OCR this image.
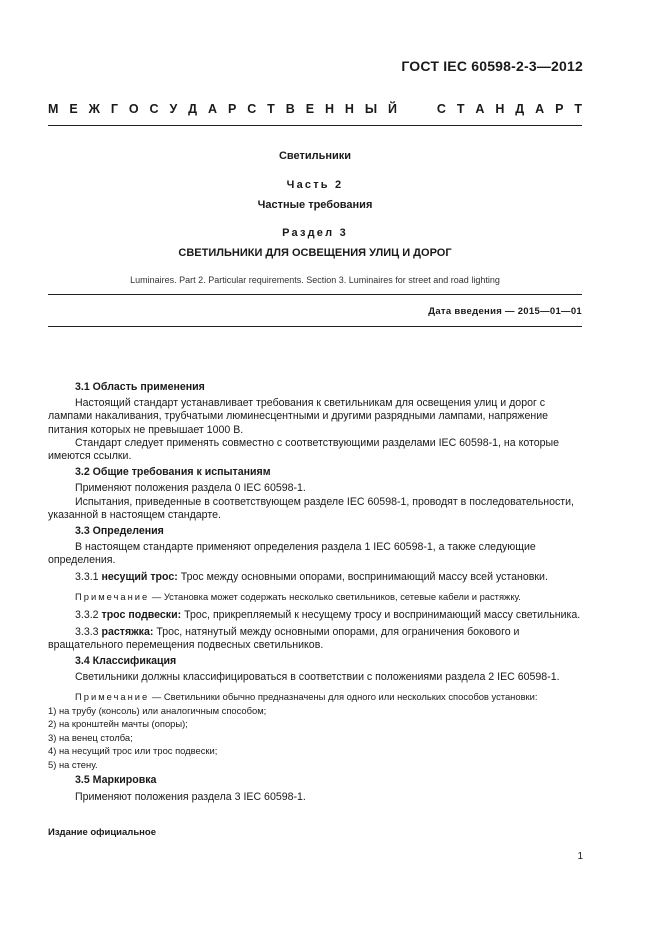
ГОСТ IEC 60598-2-3—2012
М Е Ж Г О С У Д А Р С Т В Е Н Н Ы Й	С Т А Н Д А Р Т
Светильники
Часть 2
Частные требования
Раздел 3
СВЕТИЛЬНИКИ ДЛЯ ОСВЕЩЕНИЯ УЛИЦ И ДОРОГ
Luminaires. Part 2. Particular requirements. Section 3. Luminaires for street and road lighting
Дата введения — 2015—01—01

3.1 Область применения

Настоящий стандарт устанавливает требования к светильникам для освещения улиц и дорог с лампами накаливания, трубчатыми люминесцентными и другими разрядными лампами, напряжение питания которых не превышает 1000 В.

Стандарт следует применять совместно с соответствующими разделами IEC 60598-1, на которые имеются ссылки.

3.2 Общие требования к испытаниям

Применяют положения раздела 0 IEC 60598-1.

Испытания, приведенные в соответствующем разделе IEC 60598-1, проводят в последовательности, указанной в настоящем стандарте.

3.3 Определения

В настоящем стандарте применяют определения раздела 1 IEC 60598-1, а также следующие определения.

3.3.1 несущий трос: Трос между основными опорами, воспринимающий массу всей установки.

Примечание — Установка может содержать несколько светильников, сетевые кабели и растяжку.

3.3.2 трос подвески: Трос, прикрепляемый к несущему тросу и воспринимающий массу светильника.

3.3.3 растяжка: Трос, натянутый между основными опорами, для ограничения бокового и вращательного перемещения подвесных светильников.

3.4 Классификация

Светильники должны классифицироваться в соответствии с положениями раздела 2 IEC 60598-1.

Примечание — Светильники обычно предназначены для одного или нескольких способов установки:

1) на трубу (консоль) или аналогичным способом;

2) на кронштейн мачты (опоры);

3) на венец столба;

4) на несущий трос или трос подвески;

5) на стену.

3.5 Маркировка

Применяют положения раздела 3 IEC 60598-1.

Издание официальное
1
